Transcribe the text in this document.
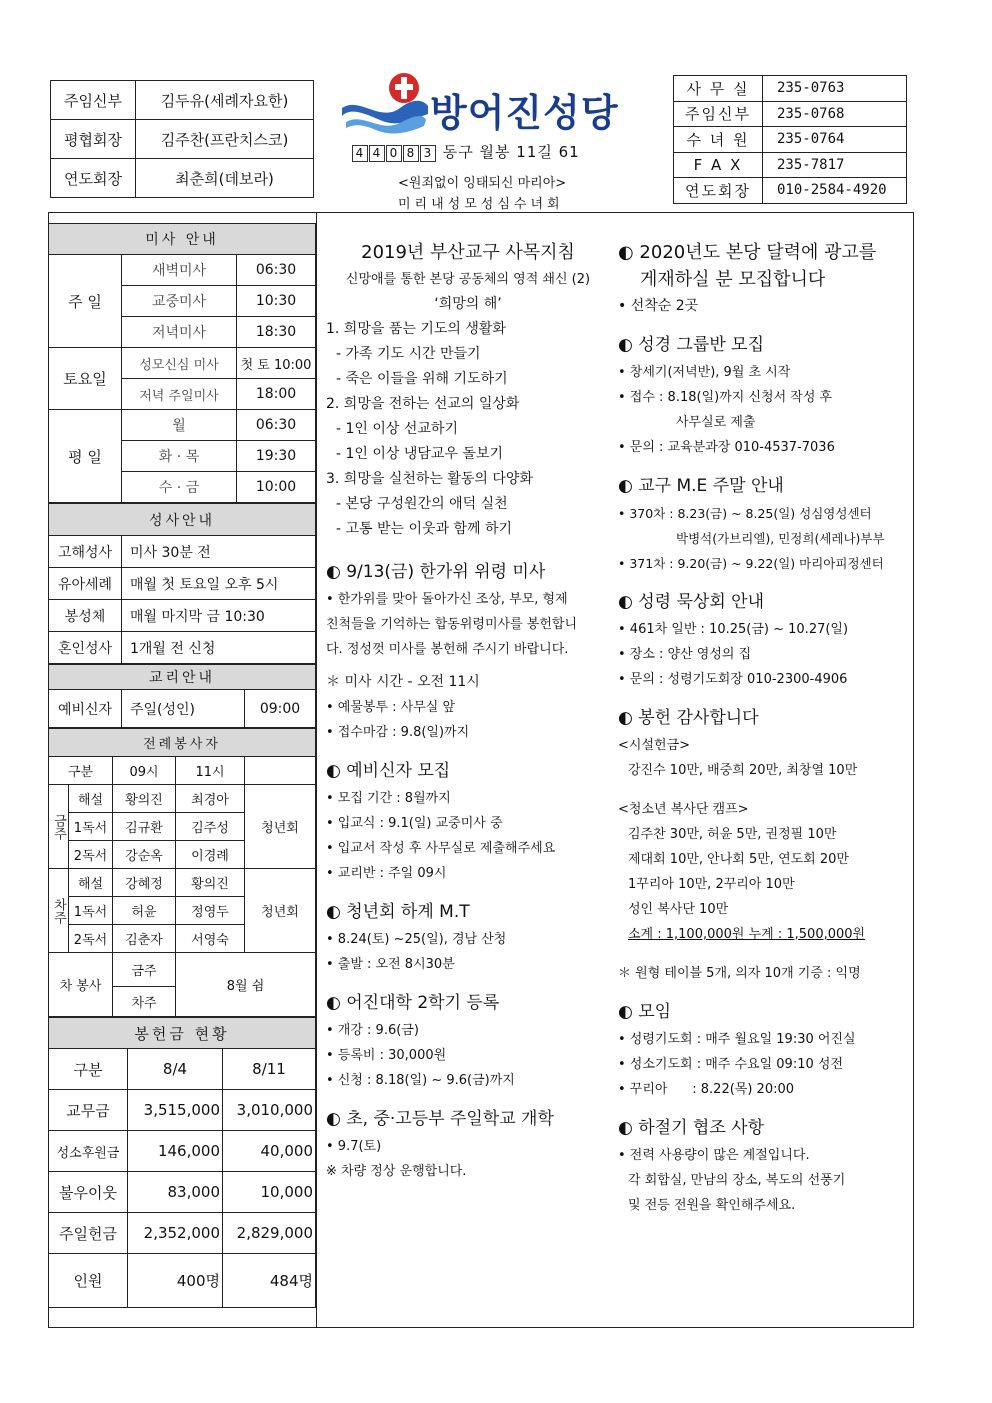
주임신부	김두유(세례자요한)
평협회장	김주찬(프란치스코)
연도회장	최춘희(데보라)
방어진성당
4 4 0 8 3 동구 월봉 11길 61
<원죄없이 잉태되신 마리아>
미리내성모성심수녀회
사 무 실	235-0763
주임신부	235-0768
수 녀 원	235-0764
F A X	235-7817
연도회장	010-2584-4920
미사 안내		
주 일	새벽미사	06:30
	교중미사	10:30
	저녁미사	18:30
토요일	성모신심 미사	첫 토 10:00
	저녁 주일미사	18:00
평 일	월	06:30
	화 · 목	19:30
	수 · 금	10:00
성사안내	
고해성사	미사 30분 전
유아세례	매월 첫 토요일 오후 5시
봉성체	매월 마지막 금 10:30
혼인성사	1개월 전 신청
교리안내
예비신자	주일(성인)	09:00
전례봉사자				
구분		09시	11시	
금주	해설	황의진	최경아	청년회
	1독서	김규환	김주성	
	2독서	강순옥	이경례	
차주	해설	강혜정	황의진	청년회
	1독서	허윤	정영두	
	2독서	김춘자	서영숙	
차 봉사		금주	8월 쉼	
		차주		
봉헌금 현황		
구분	8/4	8/11
교무금	3,515,000	3,010,000
성소후원금	146,000	40,000
불우이웃	83,000	10,000
주일헌금	2,352,000	2,829,000
인원	400명	484명
2019년 부산교구 사목지침
신망애를 통한 본당 공동체의 영적 쇄신 (2)
‘희망의 해’
1. 희망을 품는 기도의 생활화
- 가족 기도 시간 만들기
- 죽은 이들을 위해 기도하기
2. 희망을 전하는 선교의 일상화
- 1인 이상 선교하기
- 1인 이상 냉담교우 돌보기
3. 희망을 실천하는 활동의 다양화
- 본당 구성원간의 애덕 실천
- 고통 받는 이웃과 함께 하기
◐ 9/13(금) 한가위 위령 미사
• 한가위를 맞아 돌아가신 조상, 부모, 형제
친척들을 기억하는 합동위령미사를 봉헌합니
다. 정성껏 미사를 봉헌해 주시기 바랍니다.
＊ 미사 시간 - 오전 11시
• 예물봉투 : 사무실 앞
• 접수마감 : 9.8(일)까지
◐ 예비신자 모집
• 모집 기간 : 8월까지
• 입교식 : 9.1(일) 교중미사 중
• 입교서 작성 후 사무실로 제출해주세요
• 교리반 : 주일 09시
◐ 청년회 하계 M.T
• 8.24(토) ~25(일), 경남 산청
• 출발 : 오전 8시30분
◐ 어진대학 2학기 등록
• 개강 : 9.6(금)
• 등록비 : 30,000원
• 신청 : 8.18(일) ~ 9.6(금)까지
◐ 초, 중·고등부 주일학교 개학
• 9.7(토)
※ 차량 정상 운행합니다.
◐ 2020년도 본당 달력에 광고를
게재하실 분 모집합니다
• 선착순 2곳
◐ 성경 그룹반 모집
• 창세기(저녁반), 9월 초 시작
• 접수 : 8.18(일)까지 신청서 작성 후
사무실로 제출
• 문의 : 교육분과장 010-4537-7036
◐ 교구 M.E 주말 안내
• 370차 : 8.23(금) ~ 8.25(일) 성심영성센터
박병석(가브리엘), 민정희(세레나)부부
• 371차 : 9.20(금) ~ 9.22(일) 마리아피정센터
◐ 성령 묵상회 안내
• 461차 일반 : 10.25(금) ~ 10.27(일)
• 장소 : 양산 영성의 집
• 문의 : 성령기도회장 010-2300-4906
◐ 봉헌 감사합니다
<시설헌금>
강진수 10만, 배중희 20만, 최창열 10만
<청소년 복사단 캠프>
김주찬 30만, 허윤 5만, 권정필 10만
제대회 10만, 안나회 5만, 연도회 20만
1꾸리아 10만, 2꾸리아 10만
성인 복사단 10만
소계 : 1,100,000원 누계 : 1,500,000원
＊ 원형 테이블 5개, 의자 10개 기증 : 익명
◐ 모임
• 성령기도회 : 매주 월요일 19:30 어진실
• 성소기도회 : 매주 수요일 09:10 성전
• 꾸리아      : 8.22(목) 20:00
◐ 하절기 협조 사항
• 전력 사용량이 많은 계절입니다.
각 회합실, 만남의 장소, 복도의 선풍기
및 전등 전원을 확인해주세요.
